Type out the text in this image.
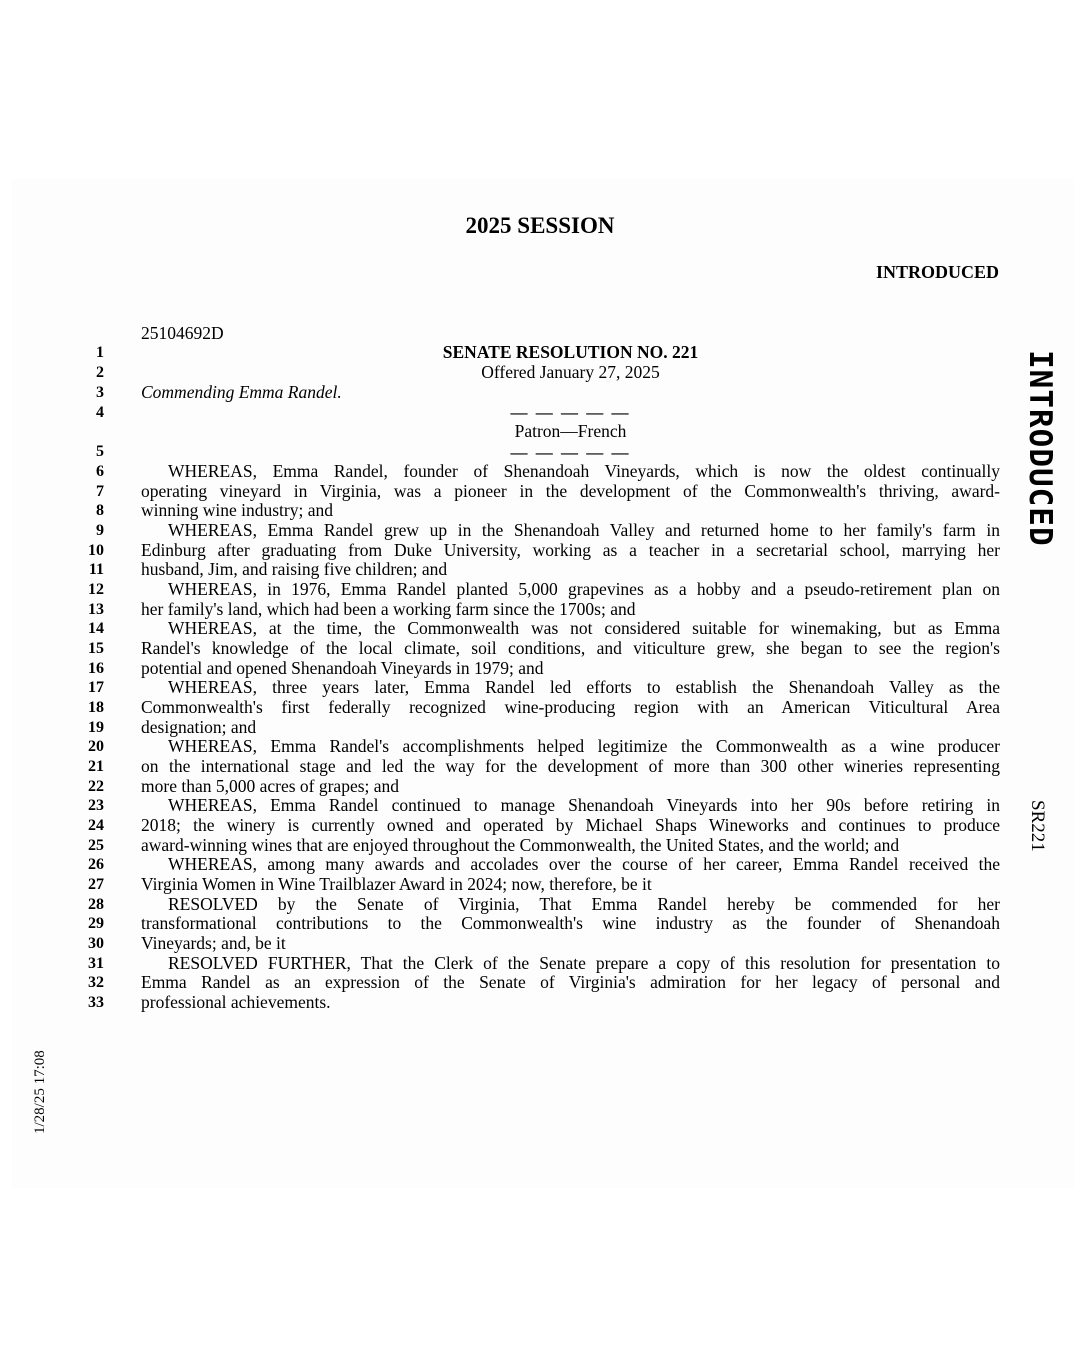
2025 SESSION
INTRODUCED
25104692D
1
2
3
4
5
6
7
8
9
10
11
12
13
14
15
16
17
18
19
20
21
22
23
24
25
26
27
28
29
30
31
32
33
SENATE RESOLUTION NO. 221
Offered January 27, 2025
Commending Emma Randel.
— — — — —
Patron—French
— — — — —
WHEREAS, Emma Randel, founder of Shenandoah Vineyards, which is now the oldest continually
operating vineyard in Virginia, was a pioneer in the development of the Commonwealth's thriving, award-
winning wine industry; and
WHEREAS, Emma Randel grew up in the Shenandoah Valley and returned home to her family's farm in
Edinburg after graduating from Duke University, working as a teacher in a secretarial school, marrying her
husband, Jim, and raising five children; and
WHEREAS, in 1976, Emma Randel planted 5,000 grapevines as a hobby and a pseudo-retirement plan on
her family's land, which had been a working farm since the 1700s; and
WHEREAS, at the time, the Commonwealth was not considered suitable for winemaking, but as Emma
Randel's knowledge of the local climate, soil conditions, and viticulture grew, she began to see the region's
potential and opened Shenandoah Vineyards in 1979; and
WHEREAS, three years later, Emma Randel led efforts to establish the Shenandoah Valley as the
Commonwealth's first federally recognized wine-producing region with an American Viticultural Area
designation; and
WHEREAS, Emma Randel's accomplishments helped legitimize the Commonwealth as a wine producer
on the international stage and led the way for the development of more than 300 other wineries representing
more than 5,000 acres of grapes; and
WHEREAS, Emma Randel continued to manage Shenandoah Vineyards into her 90s before retiring in
2018; the winery is currently owned and operated by Michael Shaps Wineworks and continues to produce
award-winning wines that are enjoyed throughout the Commonwealth, the United States, and the world; and
WHEREAS, among many awards and accolades over the course of her career, Emma Randel received the
Virginia Women in Wine Trailblazer Award in 2024; now, therefore, be it
RESOLVED by the Senate of Virginia, That Emma Randel hereby be commended for her
transformational contributions to the Commonwealth's wine industry as the founder of Shenandoah
Vineyards; and, be it
RESOLVED FURTHER, That the Clerk of the Senate prepare a copy of this resolution for presentation to
Emma Randel as an expression of the Senate of Virginia's admiration for her legacy of personal and
professional achievements.
INTRODUCED
SR221
1/28/25 17:08
